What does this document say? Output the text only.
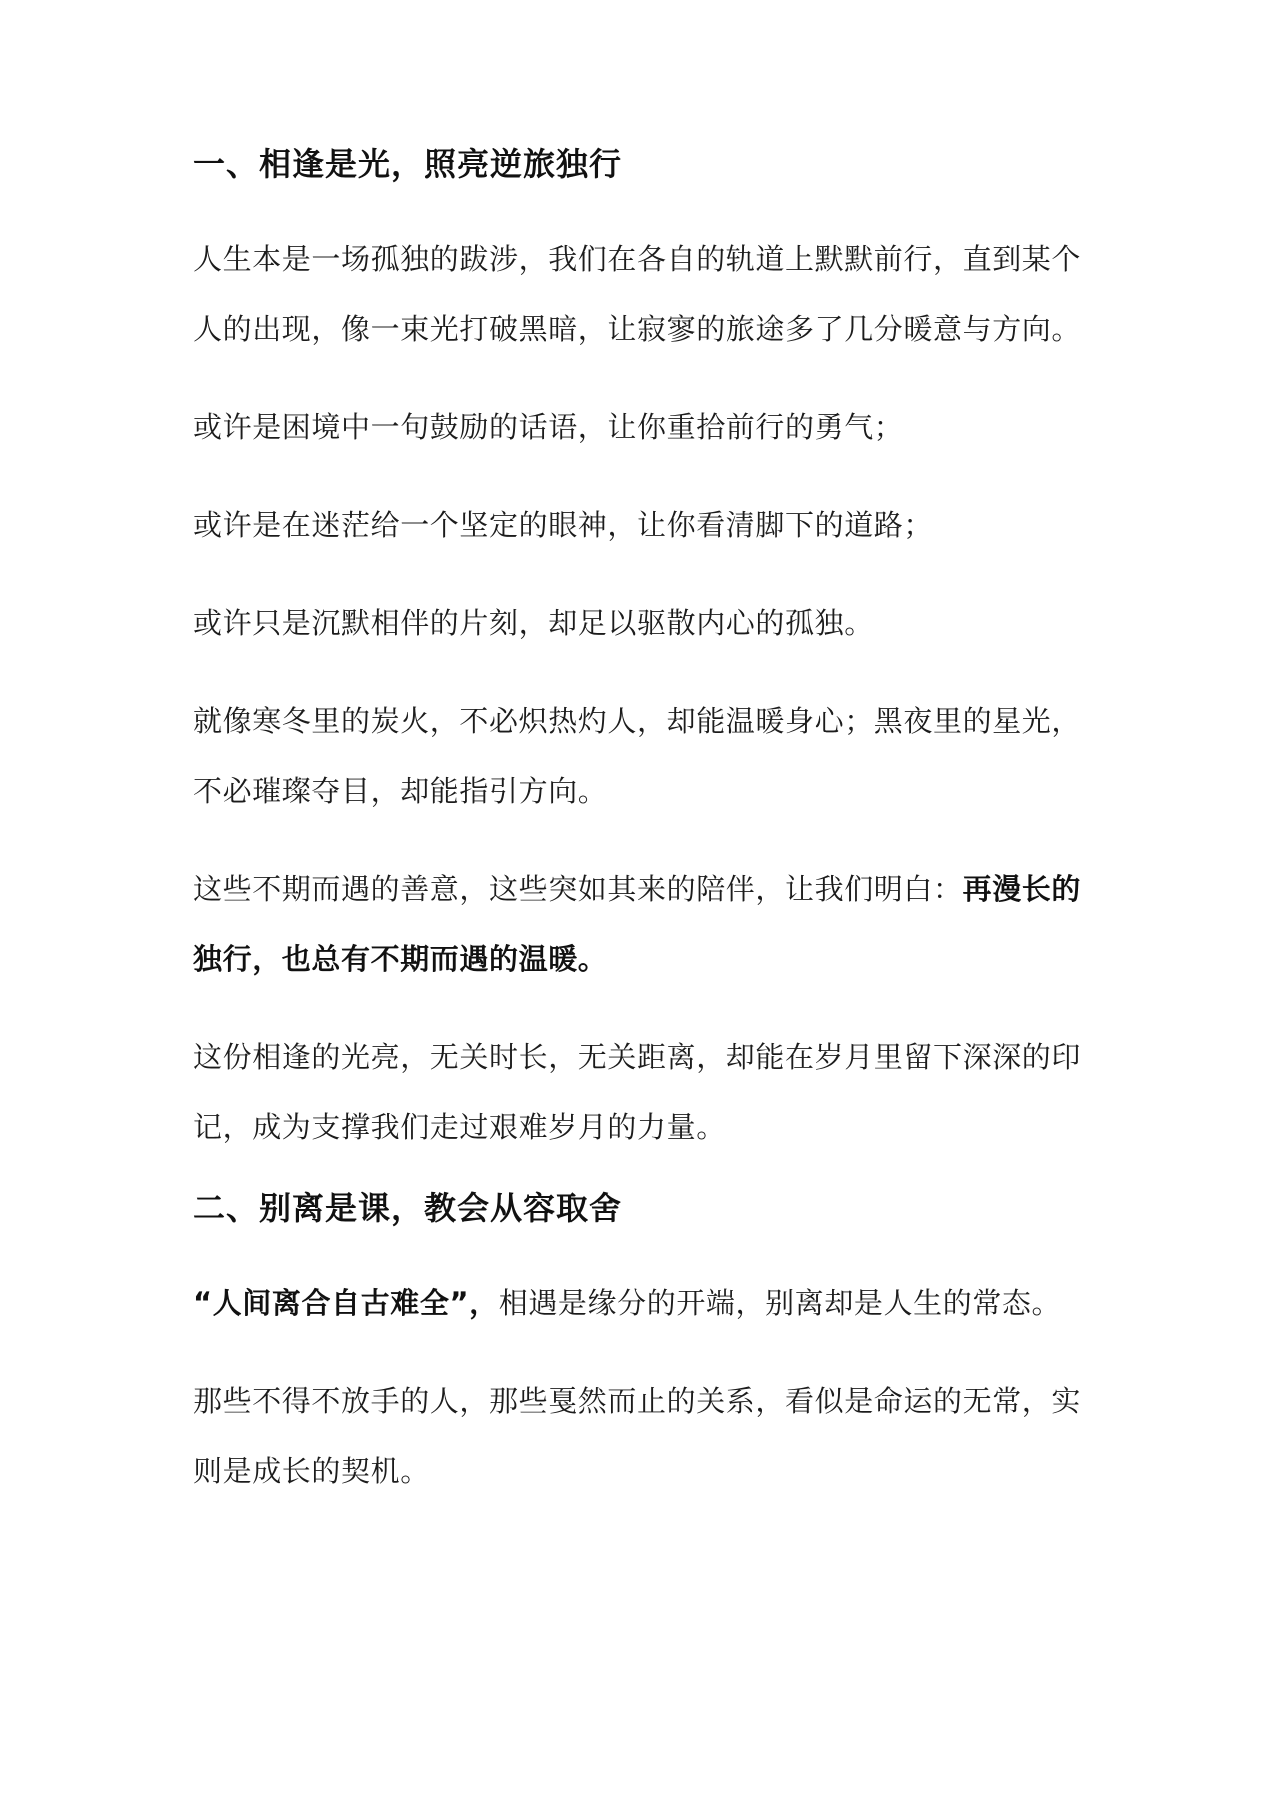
一、相逢是光，照亮逆旅独行
人生本是一场孤独的跋涉，我们在各自的轨道上默默前行，直到某个
人的出现，像一束光打破黑暗，让寂寥的旅途多了几分暖意与方向。
或许是困境中一句鼓励的话语，让你重拾前行的勇气；
或许是在迷茫给一个坚定的眼神，让你看清脚下的道路；
或许只是沉默相伴的片刻，却足以驱散内心的孤独。
就像寒冬里的炭火，不必炽热灼人，却能温暖身心；黑夜里的星光，
不必璀璨夺目，却能指引方向。
这些不期而遇的善意，这些突如其来的陪伴，让我们明白：再漫长的
独行，也总有不期而遇的温暖。
这份相逢的光亮，无关时长，无关距离，却能在岁月里留下深深的印
记，成为支撑我们走过艰难岁月的力量。
二、别离是课，教会从容取舍
“人间离合自古难全”，相遇是缘分的开端，别离却是人生的常态。
那些不得不放手的人，那些戛然而止的关系，看似是命运的无常，实
则是成长的契机。
